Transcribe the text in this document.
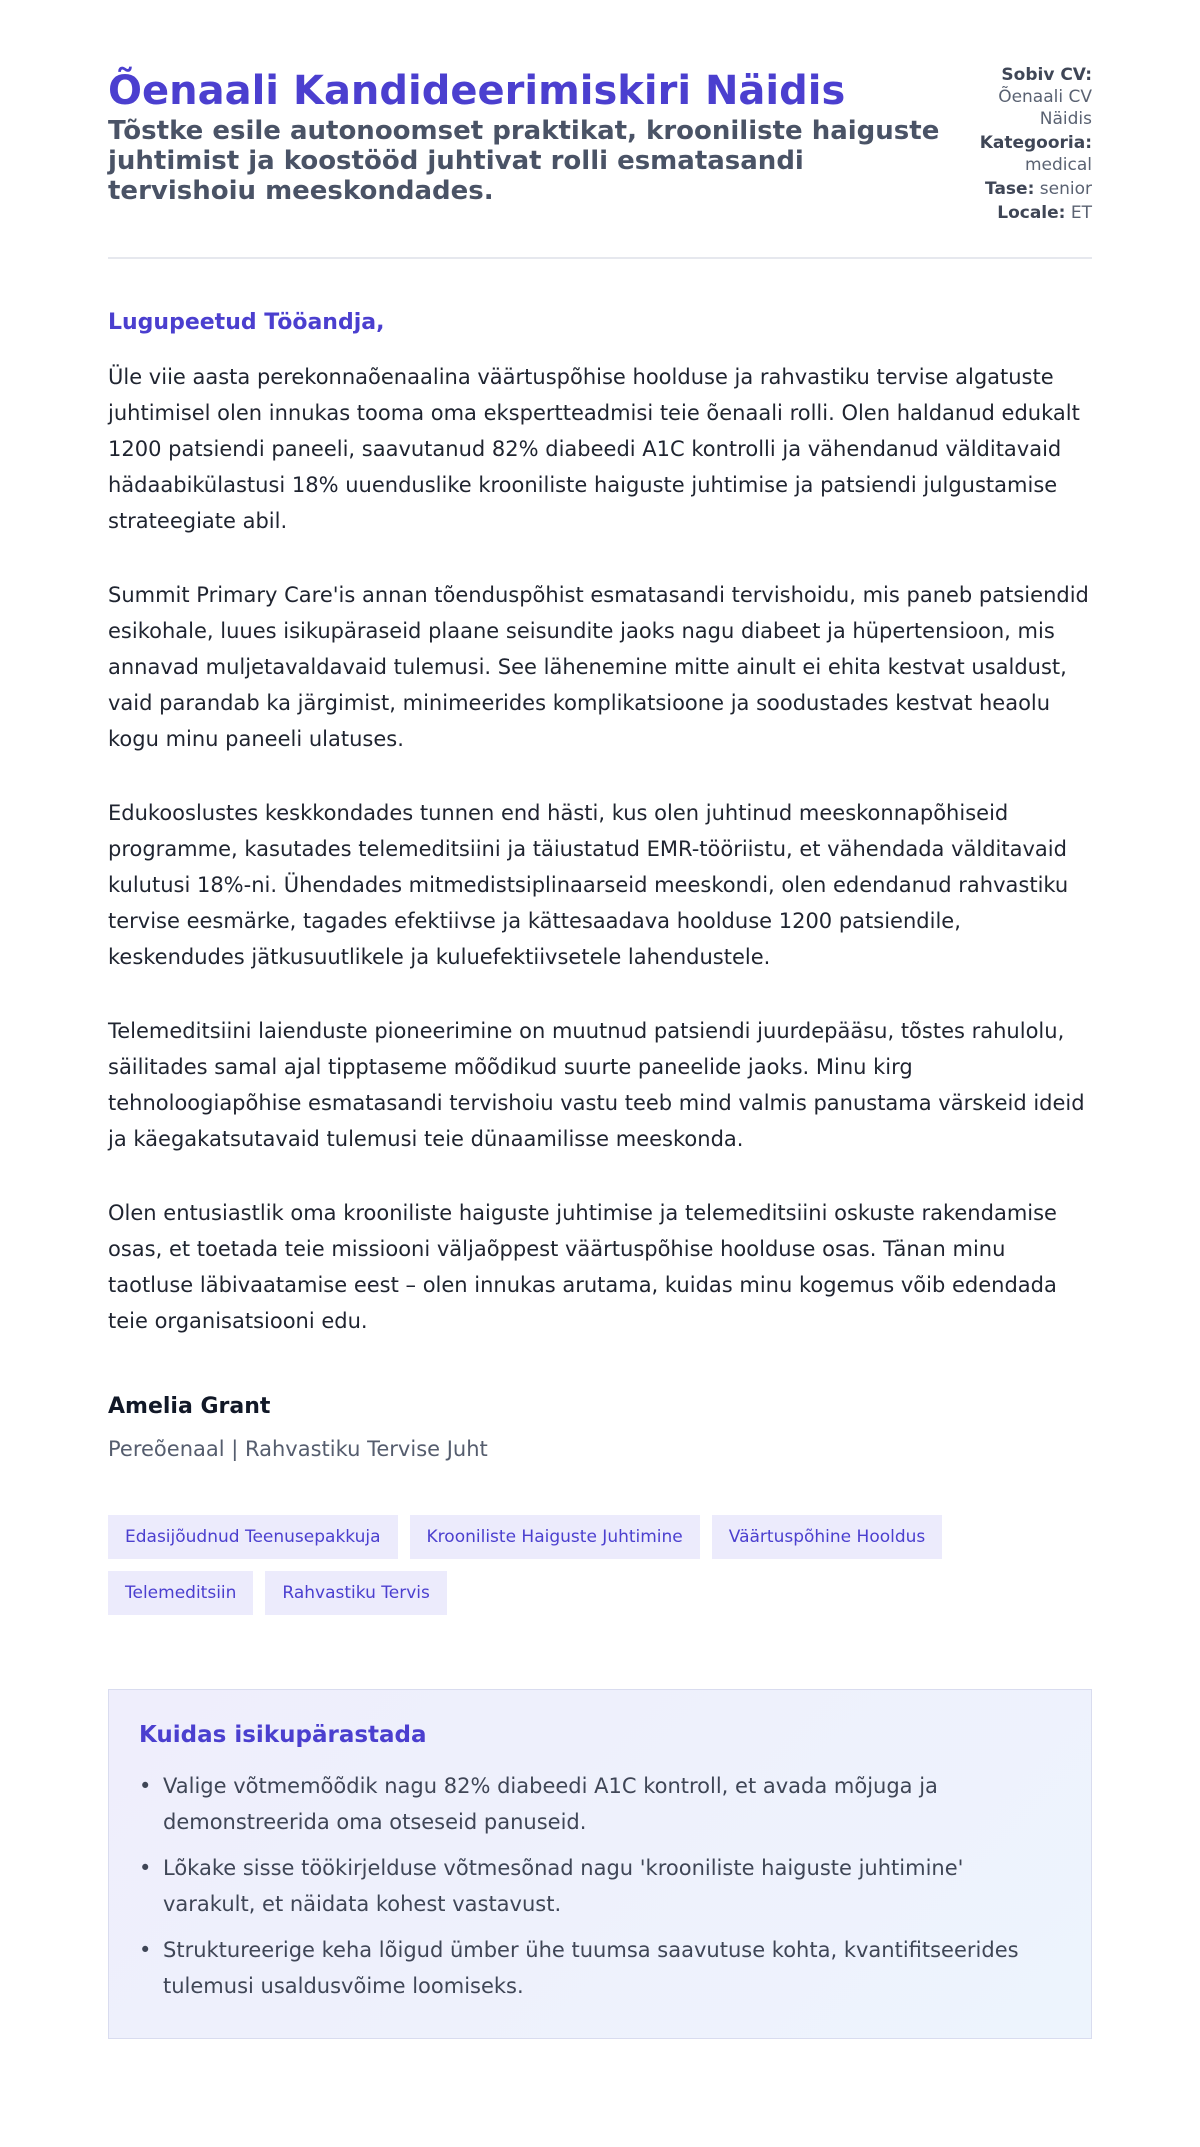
Õenaali Kandideerimiskiri Näidis
Tõstke esile autonoomset praktikat, krooniliste haiguste juhtimist ja koostööd juhtivat rolli esmatasandi tervishoiu meeskondades.
Sobiv CV:
Õenaali CV Näidis
Kategooria:
medical
Tase: senior
Locale: ET

Lugupeetud Tööandja,

Üle viie aasta perekonnaõenaalina väärtuspõhise hoolduse ja rahvastiku tervise algatuste juhtimisel olen innukas tooma oma ekspertteadmisi teie õenaali rolli. Olen haldanud edukalt 1200 patsiendi paneeli, saavutanud 82% diabeedi A1C kontrolli ja vähendanud välditavaid hädaabikülastusi 18% uuenduslike krooniliste haiguste juhtimise ja patsiendi julgustamise strateegiate abil.

Summit Primary Care'is annan tõenduspõhist esmatasandi tervishoidu, mis paneb patsiendid esikohale, luues isikupäraseid plaane seisundite jaoks nagu diabeet ja hüpertensioon, mis annavad muljetavaldavaid tulemusi. See lähenemine mitte ainult ei ehita kestvat usaldust, vaid parandab ka järgimist, minimeerides komplikatsioone ja soodustades kestvat heaolu kogu minu paneeli ulatuses.

Edukooslustes keskkondades tunnen end hästi, kus olen juhtinud meeskonnapõhiseid programme, kasutades telemeditsiini ja täiustatud EMR-tööriistu, et vähendada välditavaid kulutusi 18%-ni. Ühendades mitmedistsiplinaarseid meeskondi, olen edendanud rahvastiku tervise eesmärke, tagades efektiivse ja kättesaadava hoolduse 1200 patsiendile, keskendudes jätkusuutlikele ja kuluefektiivsetele lahendustele.

Telemeditsiini laienduste pioneerimine on muutnud patsiendi juurdepääsu, tõstes rahulolu, säilitades samal ajal tipptaseme mõõdikud suurte paneelide jaoks. Minu kirg tehnoloogiapõhise esmatasandi tervishoiu vastu teeb mind valmis panustama värskeid ideid ja käegakatsutavaid tulemusi teie dünaamilisse meeskonda.

Olen entusiastlik oma krooniliste haiguste juhtimise ja telemeditsiini oskuste rakendamise osas, et toetada teie missiooni väljaõppest väärtuspõhise hoolduse osas. Tänan minu taotluse läbivaatamise eest – olen innukas arutama, kuidas minu kogemus võib edendada teie organisatsiooni edu.

Amelia Grant
Pereõenaal | Rahvastiku Tervise Juht
Edasijõudnud Teenusepakkuja	Krooniliste Haiguste Juhtimine	Väärtuspõhine Hooldus
Telemeditsiin	Rahvastiku Tervis
Kuidas isikupärastada
• Valige võtmemõõdik nagu 82% diabeedi A1C kontroll, et avada mõjuga ja demonstreerida oma otseseid panuseid.
• Lõkake sisse töökirjelduse võtmesõnad nagu 'krooniliste haiguste juhtimine' varakult, et näidata kohest vastavust.
• Struktureerige keha lõigud ümber ühe tuumsa saavutuse kohta, kvantifitseerides tulemusi usaldusvõime loomiseks.
